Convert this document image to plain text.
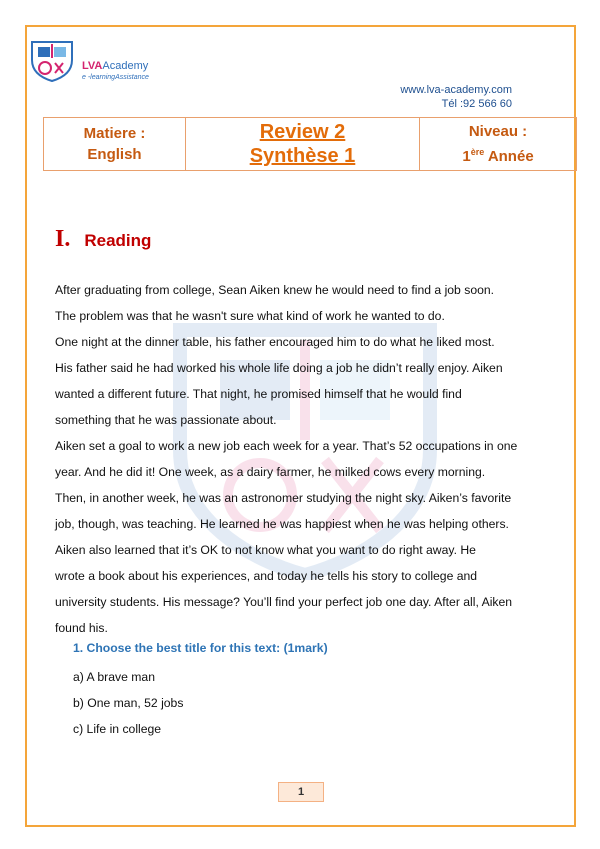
LVAAcademy
e -learningAssistance
www.lva-academy.com
Tél :92 566 60
Matiere :
English
Review 2
Synthèse 1
Niveau :
1ère Année
I. Reading

After graduating from college, Sean Aiken knew he would need to find a job soon.

The problem was that he wasn't sure what kind of work he wanted to do.

One night at the dinner table, his father encouraged him to do what he liked most.

His father said he had worked his whole life doing a job he didn’t really enjoy. Aiken

wanted a different future. That night, he promised himself that he would find

something that he was passionate about.

Aiken set a goal to work a new job each week for a year. That’s 52 occupations in one

year. And he did it! One week, as a dairy farmer, he milked cows every morning.

Then, in another week, he was an astronomer studying the night sky. Aiken’s favorite

job, though, was teaching. He learned he was happiest when he was helping others.

Aiken also learned that it’s OK to not know what you want to do right away. He

wrote a book about his experiences, and today he tells his story to college and

university students. His message? You’ll find your perfect job one day. After all, Aiken

found his.

1. Choose the best title for this text: (1mark)
a) A brave man
b) One man, 52 jobs
c) Life in college
1
